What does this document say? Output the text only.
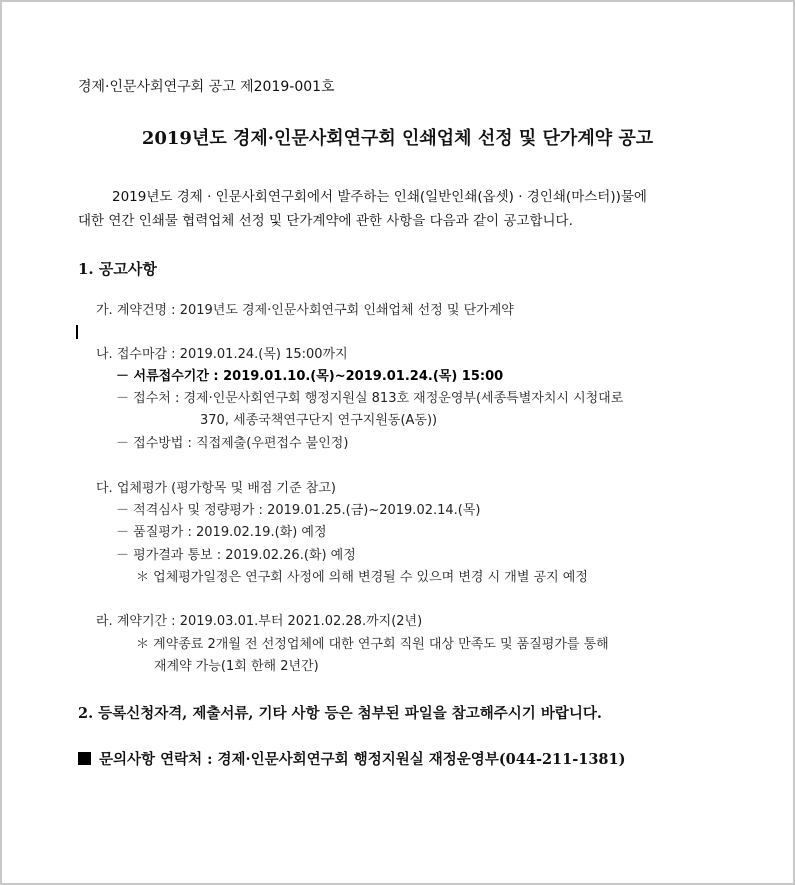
경제·인문사회연구회 공고 제2019-001호
2019년도 경제·인문사회연구회 인쇄업체 선정 및 단가계약 공고
2019년도 경제 · 인문사회연구회에서 발주하는 인쇄(일반인쇄(옵셋) · 경인쇄(마스터))물에
대한 연간 인쇄물 협력업체 선정 및 단가계약에 관한 사항을 다음과 같이 공고합니다.
1. 공고사항
가. 계약건명 : 2019년도 경제·인문사회연구회 인쇄업체 선정 및 단가계약
나. 접수마감 : 2019.01.24.(목) 15:00까지
－ 서류접수기간 : 2019.01.10.(목)~2019.01.24.(목) 15:00
－ 접수처 : 경제·인문사회연구회 행정지원실 813호 재정운영부(세종특별자치시 시청대로
370, 세종국책연구단지 연구지원동(A동))
－ 접수방법 : 직접제출(우편접수 불인정)
다. 업체평가 (평가항목 및 배점 기준 참고)
－ 적격심사 및 정량평가 : 2019.01.25.(금)~2019.02.14.(목)
－ 품질평가 : 2019.02.19.(화) 예정
－ 평가결과 통보 : 2019.02.26.(화) 예정
＊ 업체평가일정은 연구회 사정에 의해 변경될 수 있으며 변경 시 개별 공지 예정
라. 계약기간 : 2019.03.01.부터 2021.02.28.까지(2년)
＊ 계약종료 2개월 전 선정업체에 대한 연구회 직원 대상 만족도 및 품질평가를 통해
재계약 가능(1회 한해 2년간)
2. 등록신청자격, 제출서류, 기타 사항 등은 첨부된 파일을 참고해주시기 바랍니다.
문의사항 연락처 : 경제·인문사회연구회 행정지원실 재정운영부(044-211-1381)
